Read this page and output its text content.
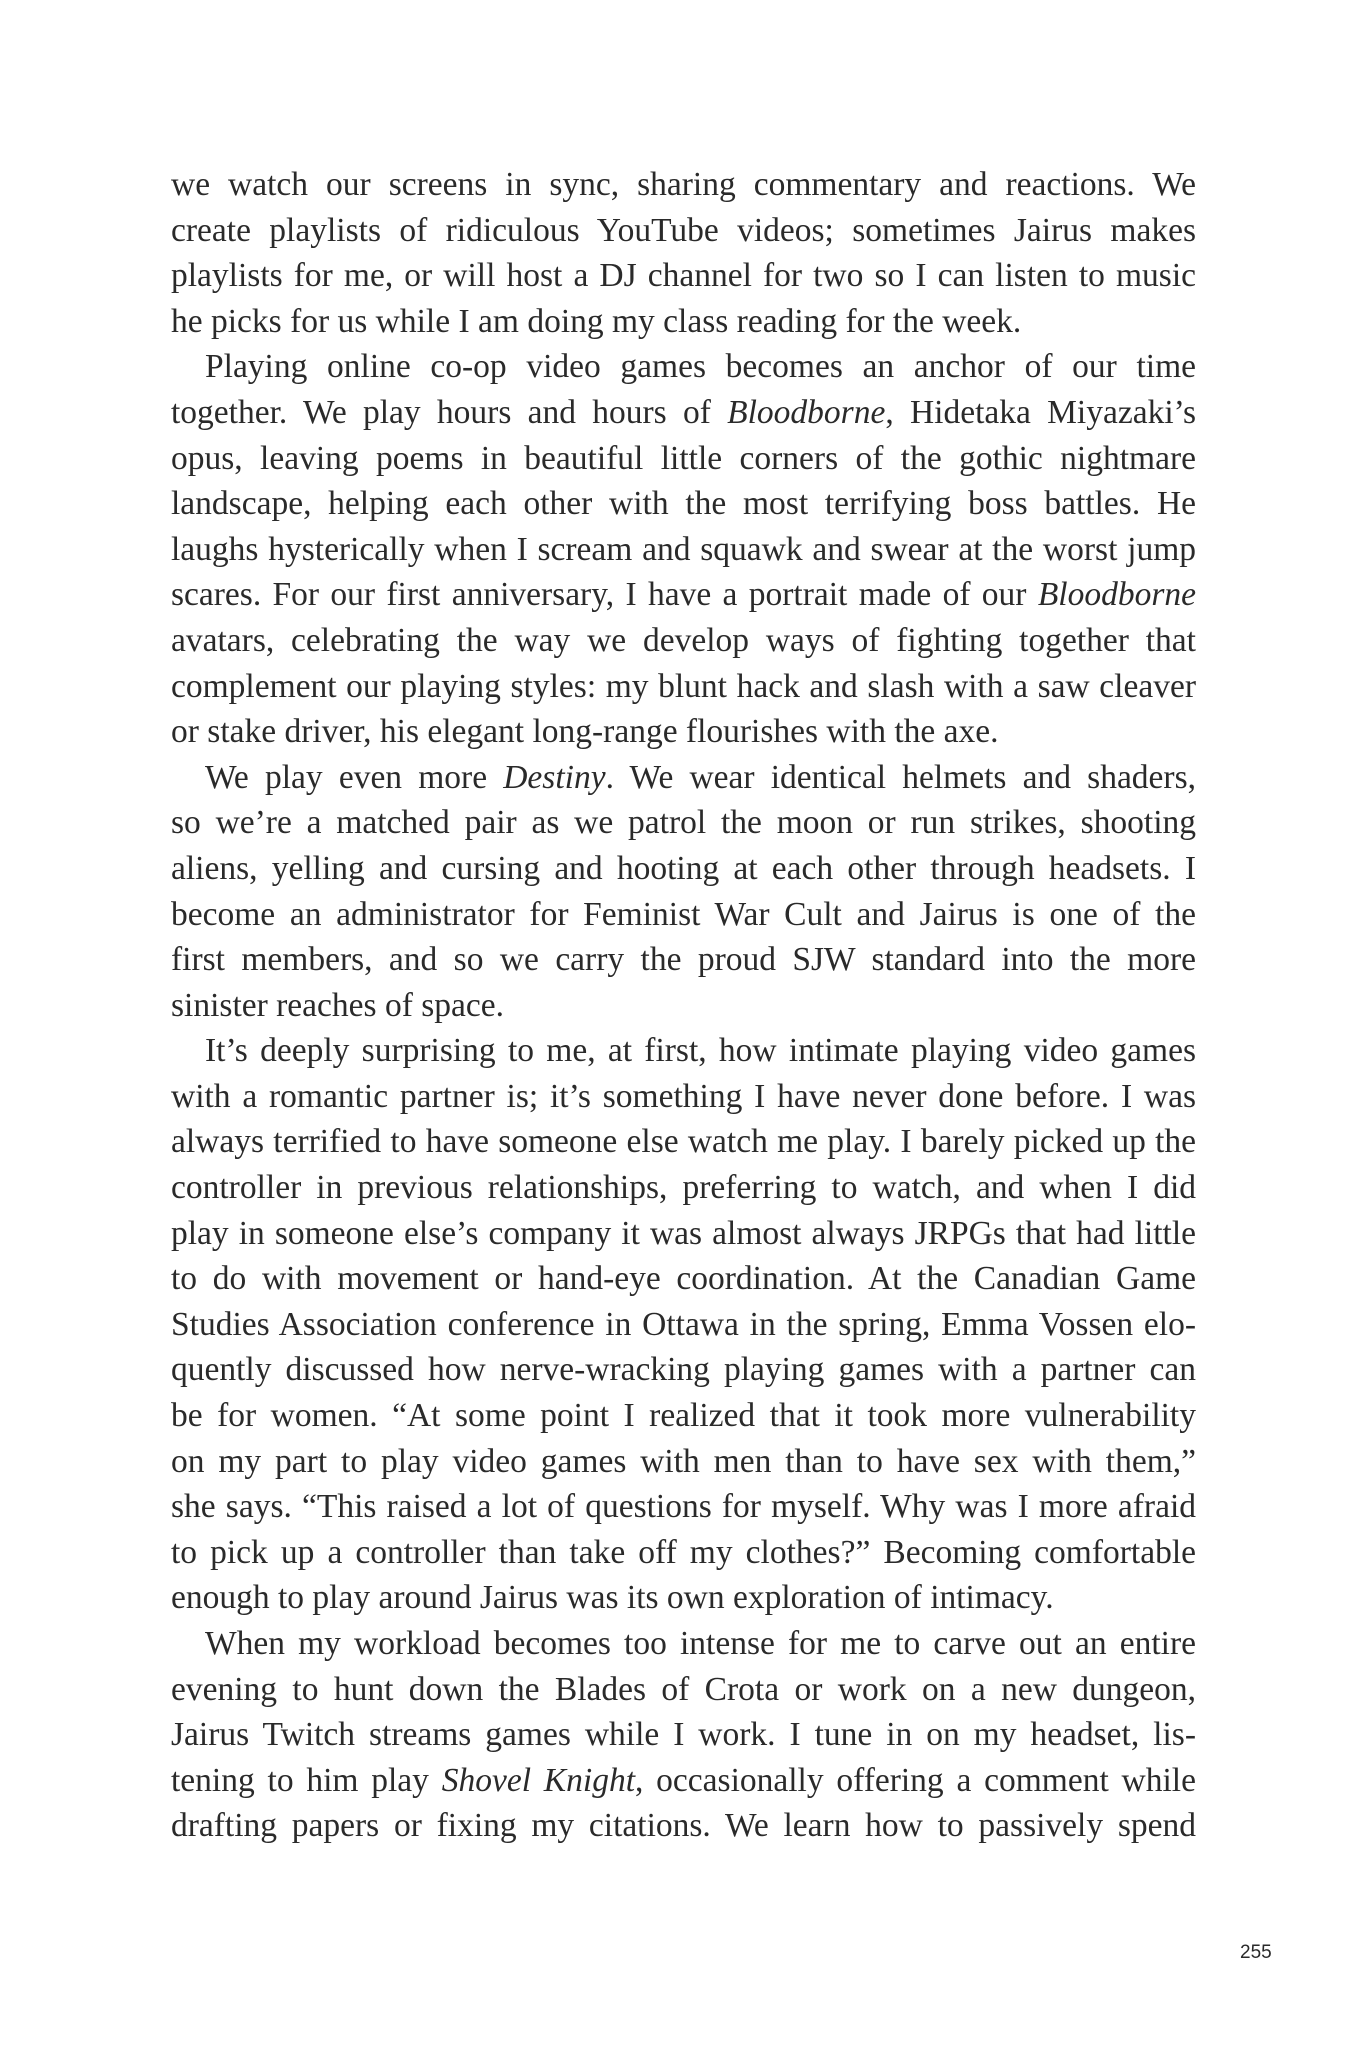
we watch our screens in sync, sharing commentary and reactions. We
create playlists of ridiculous YouTube videos; sometimes Jairus makes
playlists for me, or will host a DJ channel for two so I can listen to music
he picks for us while I am doing my class reading for the week.
Playing online co-op video games becomes an anchor of our time
together. We play hours and hours of Bloodborne, Hidetaka Miyazaki’s
opus, leaving poems in beautiful little corners of the gothic nightmare
landscape, helping each other with the most terrifying boss battles. He
laughs hysterically when I scream and squawk and swear at the worst jump
scares. For our first anniversary, I have a portrait made of our Bloodborne
avatars, celebrating the way we develop ways of fighting together that
complement our playing styles: my blunt hack and slash with a saw cleaver
or stake driver, his elegant long-range flourishes with the axe.
We play even more Destiny. We wear identical helmets and shaders,
so we’re a matched pair as we patrol the moon or run strikes, shooting
aliens, yelling and cursing and hooting at each other through headsets. I
become an administrator for Feminist War Cult and Jairus is one of the
first members, and so we carry the proud SJW standard into the more
sinister reaches of space.
It’s deeply surprising to me, at first, how intimate playing video games
with a romantic partner is; it’s something I have never done before. I was
always terrified to have someone else watch me play. I barely picked up the
controller in previous relationships, preferring to watch, and when I did
play in someone else’s company it was almost always JRPGs that had little
to do with movement or hand-eye coordination. At the Canadian Game
Studies Association conference in Ottawa in the spring, Emma Vossen elo-
quently discussed how nerve-wracking playing games with a partner can
be for women. “At some point I realized that it took more vulnerability
on my part to play video games with men than to have sex with them,”
she says. “This raised a lot of questions for myself. Why was I more afraid
to pick up a controller than take off my clothes?” Becoming comfortable
enough to play around Jairus was its own exploration of intimacy.
When my workload becomes too intense for me to carve out an entire
evening to hunt down the Blades of Crota or work on a new dungeon,
Jairus Twitch streams games while I work. I tune in on my headset, lis-
tening to him play Shovel Knight, occasionally offering a comment while
drafting papers or fixing my citations. We learn how to passively spend
255
